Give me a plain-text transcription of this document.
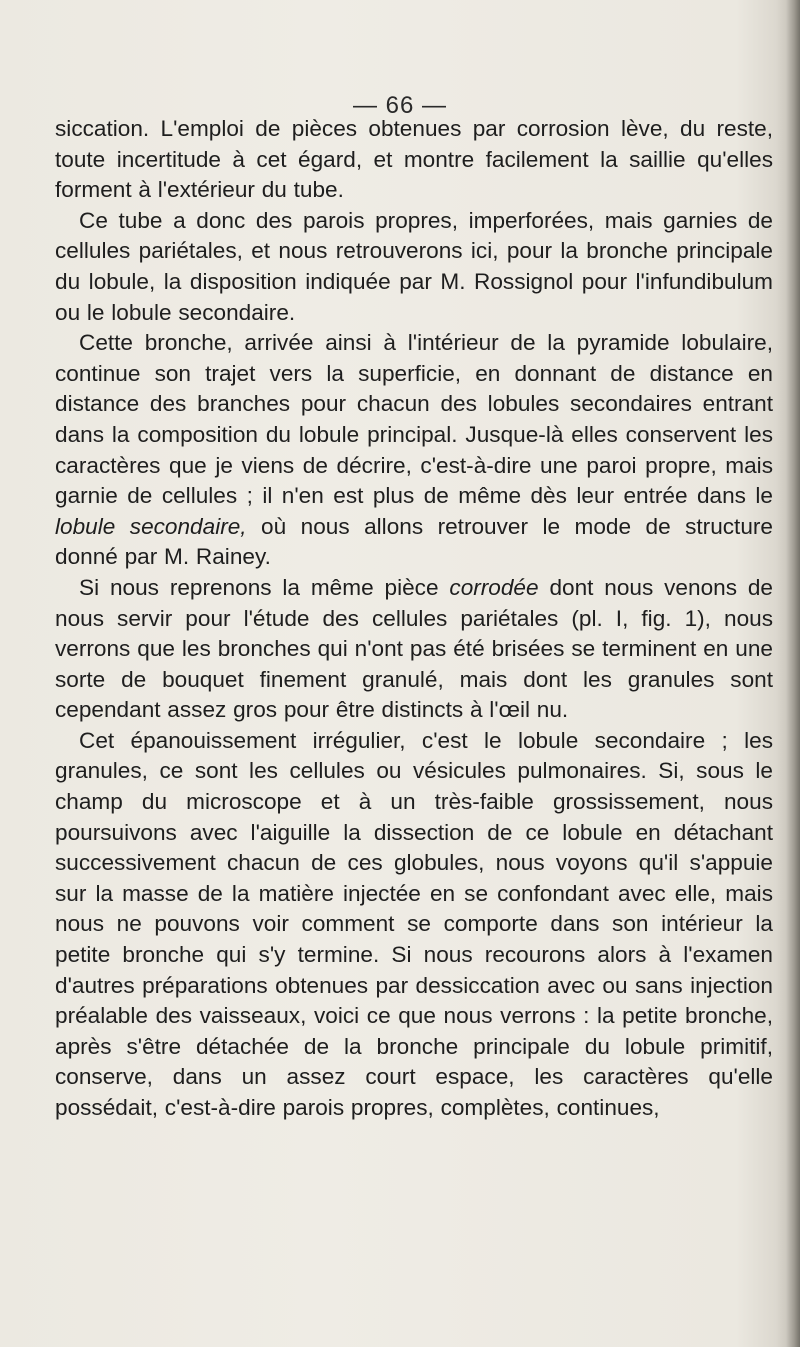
— 66 —

siccation. L'emploi de pièces obtenues par corrosion lève, du reste, toute incertitude à cet égard, et montre facilement la saillie qu'elles forment à l'extérieur du tube.

Ce tube a donc des parois propres, imperforées, mais garnies de cellules pariétales, et nous retrouverons ici, pour la bronche principale du lobule, la disposition indiquée par M. Rossignol pour l'infundibulum ou le lobule secondaire.

Cette bronche, arrivée ainsi à l'intérieur de la pyramide lobulaire, continue son trajet vers la superficie, en donnant de distance en distance des branches pour chacun des lobules secondaires entrant dans la composition du lobule principal. Jusque-là elles conservent les caractères que je viens de décrire, c'est-à-dire une paroi propre, mais garnie de cellules ; il n'en est plus de même dès leur entrée dans le lobule secondaire, où nous allons retrouver le mode de structure donné par M. Rainey.

Si nous reprenons la même pièce corrodée dont nous venons de nous servir pour l'étude des cellules pariétales (pl. I, fig. 1), nous verrons que les bronches qui n'ont pas été brisées se terminent en une sorte de bouquet finement granulé, mais dont les granules sont cependant assez gros pour être distincts à l'œil nu.

Cet épanouissement irrégulier, c'est le lobule secondaire ; les granules, ce sont les cellules ou vésicules pulmonaires. Si, sous le champ du microscope et à un très-faible grossissement, nous poursuivons avec l'aiguille la dissection de ce lobule en détachant successivement chacun de ces globules, nous voyons qu'il s'appuie sur la masse de la matière injectée en se confondant avec elle, mais nous ne pouvons voir comment se comporte dans son intérieur la petite bronche qui s'y termine. Si nous recourons alors à l'examen d'autres préparations obtenues par dessiccation avec ou sans injection préalable des vaisseaux, voici ce que nous verrons : la petite bronche, après s'être détachée de la bronche principale du lobule primitif, conserve, dans un assez court espace, les caractères qu'elle possédait, c'est-à-dire parois propres, complètes, continues,
